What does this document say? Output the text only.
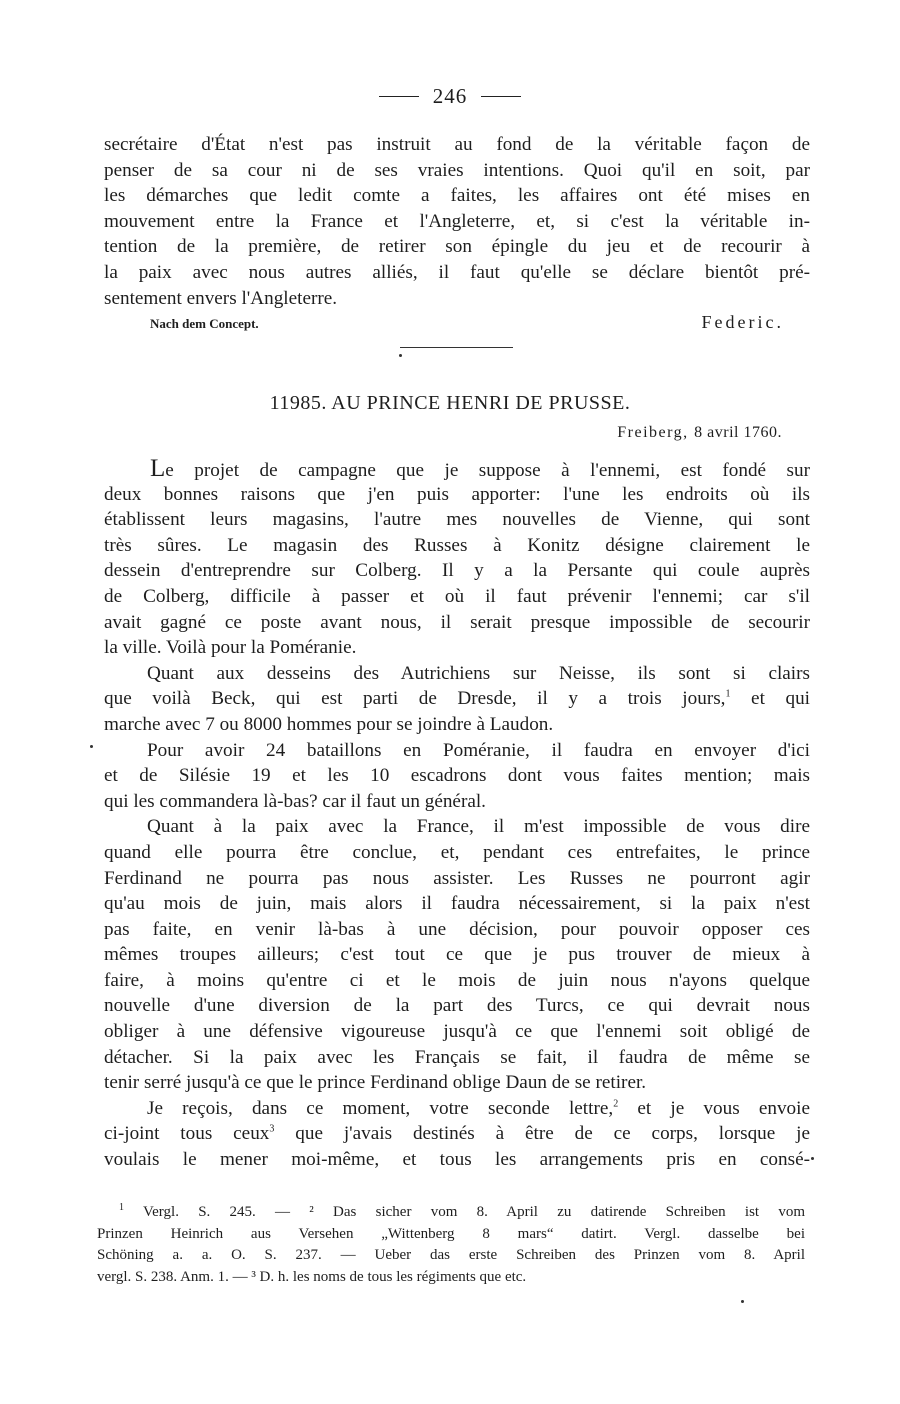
246
secrétaire d'État n'est pas instruit au fond de la véritable façon de
penser de sa cour ni de ses vraies intentions. Quoi qu'il en soit, par
les démarches que ledit comte a faites, les affaires ont été mises en
mouvement entre la France et l'Angleterre, et, si c'est la véritable in-
tention de la première, de retirer son épingle du jeu et de recourir à
la paix avec nous autres alliés, il faut qu'elle se déclare bientôt pré-
sentement envers l'Angleterre.
Nach dem Concept.	Federic.
11985. AU PRINCE HENRI DE PRUSSE.
Freiberg, 8 avril 1760.
Le projet de campagne que je suppose à l'ennemi, est fondé sur
deux bonnes raisons que j'en puis apporter: l'une les endroits où ils
établissent leurs magasins, l'autre mes nouvelles de Vienne, qui sont
très sûres. Le magasin des Russes à Konitz désigne clairement le
dessein d'entreprendre sur Colberg. Il y a la Persante qui coule auprès
de Colberg, difficile à passer et où il faut prévenir l'ennemi; car s'il
avait gagné ce poste avant nous, il serait presque impossible de secourir
la ville. Voilà pour la Poméranie.
Quant aux desseins des Autrichiens sur Neisse, ils sont si clairs
que voilà Beck, qui est parti de Dresde, il y a trois jours,$^1$ et qui
marche avec 7 ou 8000 hommes pour se joindre à Laudon.
Pour avoir 24 bataillons en Poméranie, il faudra en envoyer d'ici
et de Silésie 19 et les 10 escadrons dont vous faites mention; mais
qui les commandera là-bas? car il faut un général.
Quant à la paix avec la France, il m'est impossible de vous dire
quand elle pourra être conclue, et, pendant ces entrefaites, le prince
Ferdinand ne pourra pas nous assister. Les Russes ne pourront agir
qu'au mois de juin, mais alors il faudra nécessairement, si la paix n'est
pas faite, en venir là-bas à une décision, pour pouvoir opposer ces
mêmes troupes ailleurs; c'est tout ce que je pus trouver de mieux à
faire, à moins qu'entre ci et le mois de juin nous n'ayons quelque
nouvelle d'une diversion de la part des Turcs, ce qui devrait nous
obliger à une défensive vigoureuse jusqu'à ce que l'ennemi soit obligé de
détacher. Si la paix avec les Français se fait, il faudra de même se
tenir serré jusqu'à ce que le prince Ferdinand oblige Daun de se retirer.
Je reçois, dans ce moment, votre seconde lettre,$^2$ et je vous envoie
ci-joint tous ceux$^3$ que j'avais destinés à être de ce corps, lorsque je
voulais le mener moi-même, et tous les arrangements pris en consé-
$^1$ Vergl. S. 245. — ² Das sicher vom 8. April zu datirende Schreiben ist vom
Prinzen Heinrich aus Versehen „Wittenberg 8 mars“ datirt. Vergl. dasselbe bei
Schöning a. a. O. S. 237. — Ueber das erste Schreiben des Prinzen vom 8. April
vergl. S. 238. Anm. 1. — ³ D. h. les noms de tous les régiments que etc.
